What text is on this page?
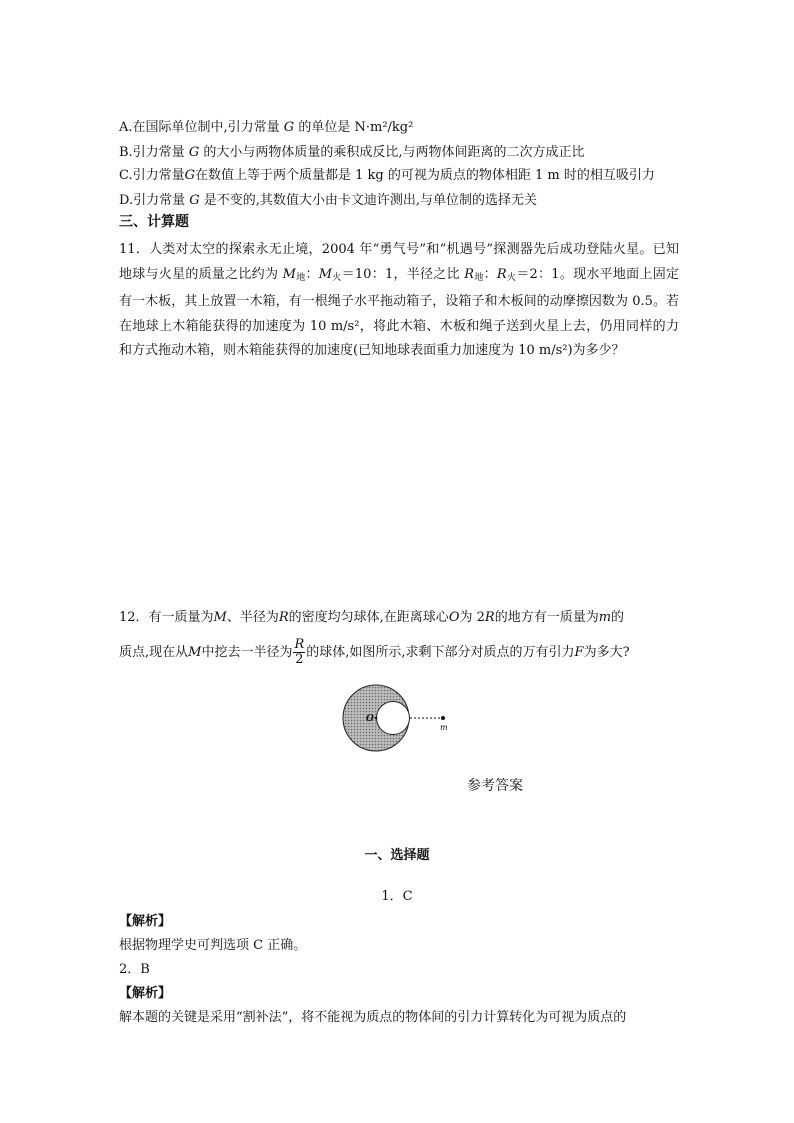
A.在国际单位制中,引力常量 G 的单位是 N·m²/kg²
B.引力常量 G 的大小与两物体质量的乘积成反比,与两物体间距离的二次方成正比
C.引力常量G在数值上等于两个质量都是 1 kg 的可视为质点的物体相距 1 m 时的相互吸引力
D.引力常量 G 是不变的,其数值大小由卡文迪许测出,与单位制的选择无关
三、计算题
11．人类对太空的探索永无止境，2004 年“勇气号”和“机遇号”探测器先后成功登陆火星。已知地球与火星的质量之比约为 $M_地$：$M_火=10$：1，半径之比 $R_地$：$R_火=2$：1。现水平地面上固定有一木板，其上放置一木箱，有一根绳子水平拖动箱子，设箱子和木板间的动摩擦因数为 0.5。若在地球上木箱能获得的加速度为 10 m/s²，将此木箱、木板和绳子送到火星上去，仍用同样的力和方式拖动木箱，则木箱能获得的加速度(已知地球表面重力加速度为 10 m/s²)为多少？
12．有一质量为M、半径为R的密度均匀球体,在距离球心O为 2R的地方有一质量为m的
质点,现在从M中挖去一半径为 $\frac{R}{2}$ 的球体,如图所示,求剩下部分对质点的万有引力F为多大?
O
m
参考答案
一、选择题
1．C
【解析】
根据物理学史可判选项 C 正确。
2．B
【解析】
解本题的关键是采用“割补法”，将不能视为质点的物体间的引力计算转化为可视为质点的
